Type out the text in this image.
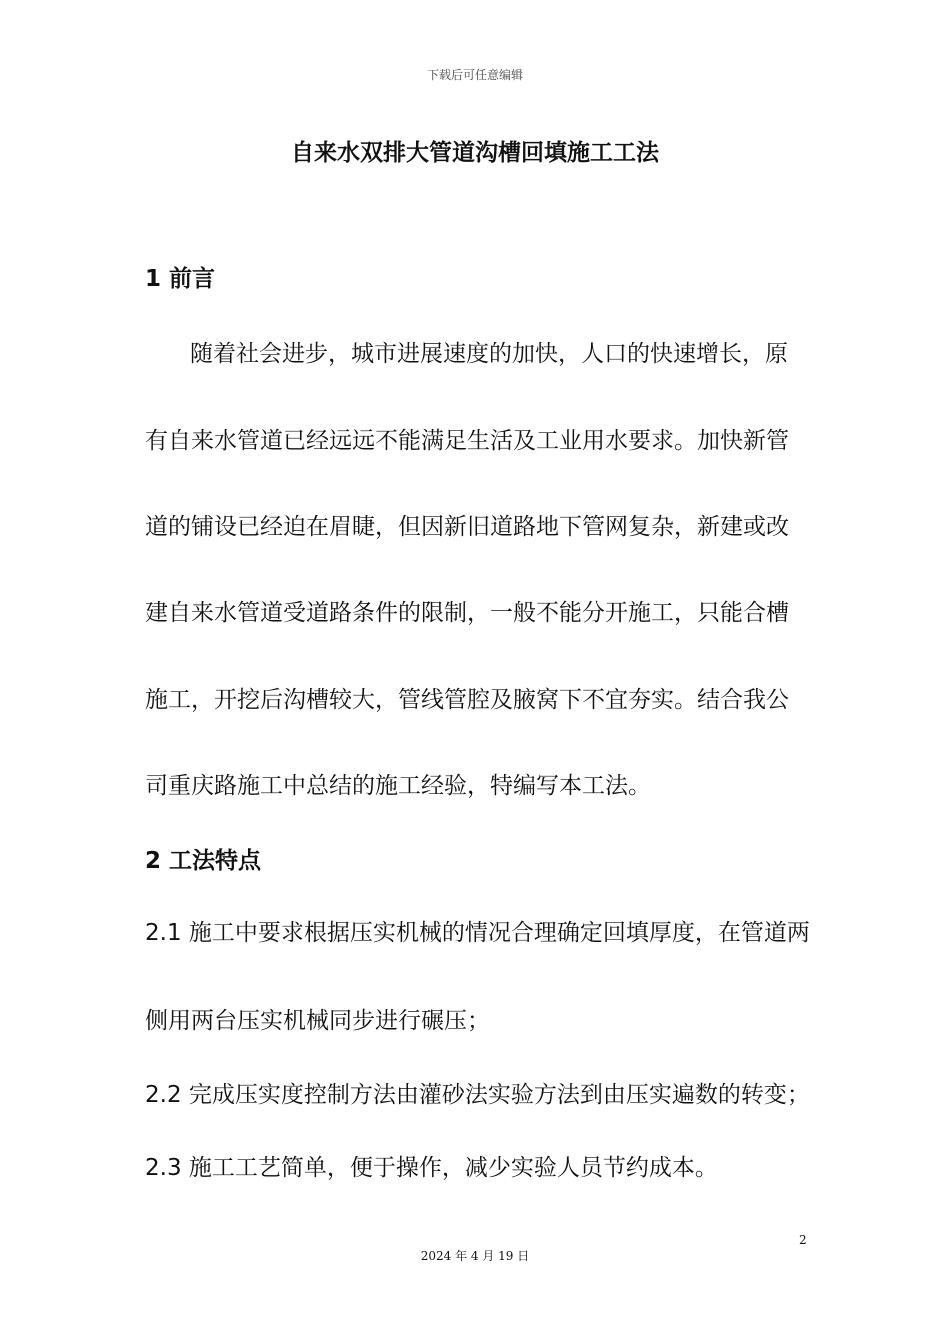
下载后可任意编辑
自来水双排大管道沟槽回填施工工法
1 前言
随着社会进步，城市进展速度的加快，人口的快速增长，原
有自来水管道已经远远不能满足生活及工业用水要求。加快新管
道的铺设已经迫在眉睫，但因新旧道路地下管网复杂，新建或改
建自来水管道受道路条件的限制，一般不能分开施工，只能合槽
施工，开挖后沟槽较大，管线管腔及腋窝下不宜夯实。结合我公
司重庆路施工中总结的施工经验，特编写本工法。
2 工法特点
2.1 施工中要求根据压实机械的情况合理确定回填厚度，在管道两
侧用两台压实机械同步进行碾压；
2.2 完成压实度控制方法由灌砂法实验方法到由压实遍数的转变；
2.3 施工工艺简单，便于操作，减少实验人员节约成本。
2
2024 年 4 月 19 日
